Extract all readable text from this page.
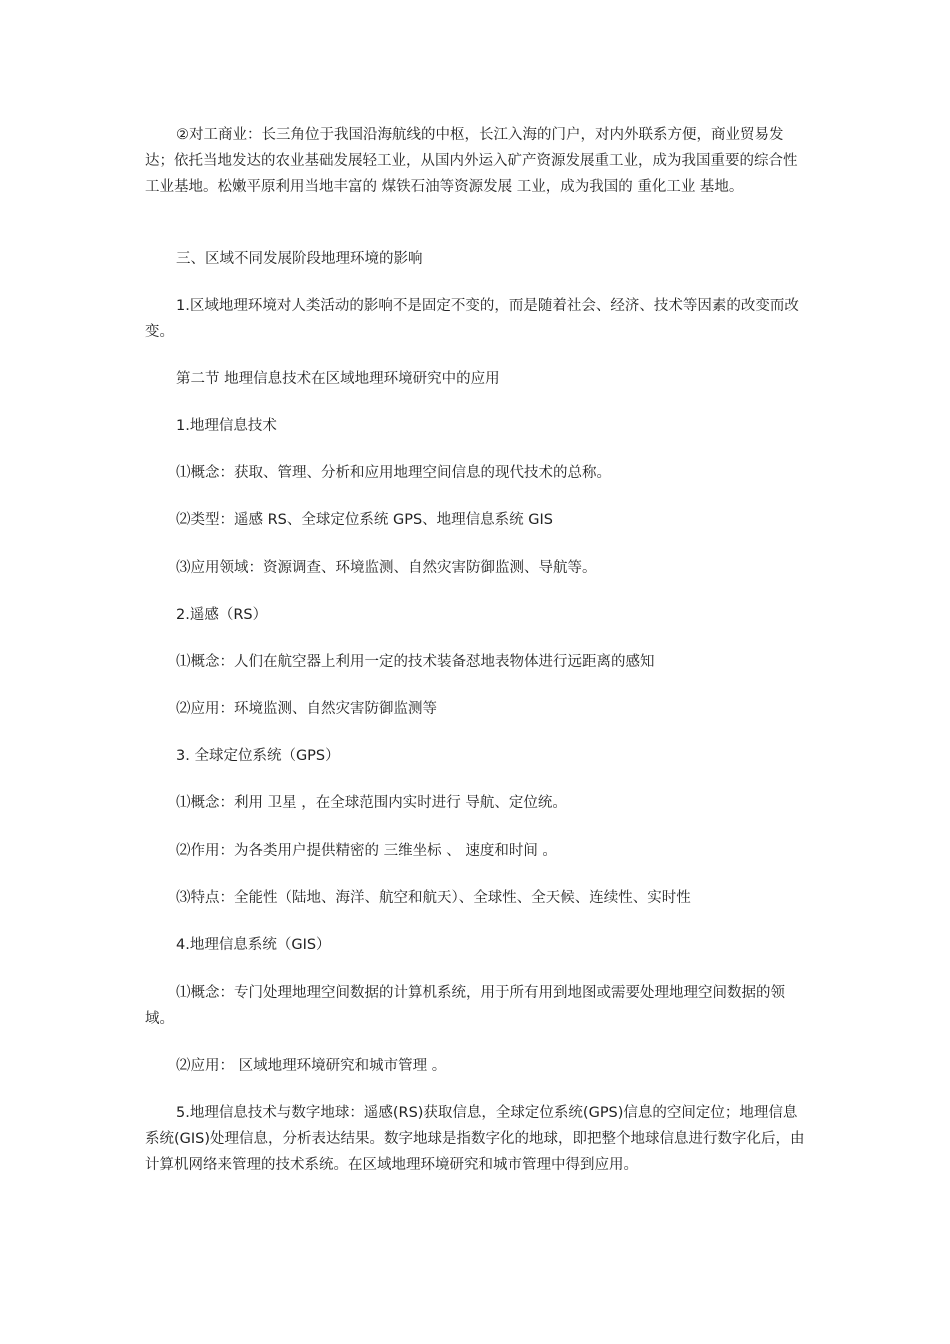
②对工商业：长三角位于我国沿海航线的中枢，长江入海的门户，对内外联系方便，商业贸易发达；依托当地发达的农业基础发展轻工业，从国内外运入矿产资源发展重工业，成为我国重要的综合性工业基地。松嫩平原利用当地丰富的 煤铁石油等资源发展 工业，成为我国的 重化工业 基地。

三、区域不同发展阶段地理环境的影响

1.区域地理环境对人类活动的影响不是固定不变的，而是随着社会、经济、技术等因素的改变而改变。

第二节 地理信息技术在区域地理环境研究中的应用

1.地理信息技术

⑴概念：获取、管理、分析和应用地理空间信息的现代技术的总称。

⑵类型：遥感 RS、全球定位系统 GPS、地理信息系统 GIS

⑶应用领域：资源调查、环境监测、自然灾害防御监测、导航等。

2.遥感（RS）

⑴概念：人们在航空器上利用一定的技术装备怼地表物体进行远距离的感知

⑵应用：环境监测、自然灾害防御监测等

3. 全球定位系统（GPS）

⑴概念：利用 卫星 ，在全球范围内实时进行 导航、定位统。

⑵作用：为各类用户提供精密的 三维坐标 、 速度和时间 。

⑶特点：全能性（陆地、海洋、航空和航天）、全球性、全天候、连续性、实时性

4.地理信息系统（GIS）

⑴概念：专门处理地理空间数据的计算机系统，用于所有用到地图或需要处理地理空间数据的领域。

⑵应用： 区域地理环境研究和城市管理 。

5.地理信息技术与数字地球：遥感(RS)获取信息，全球定位系统(GPS)信息的空间定位；地理信息系统(GIS)处理信息，分析表达结果。数字地球是指数字化的地球，即把整个地球信息进行数字化后，由计算机网络来管理的技术系统。在区域地理环境研究和城市管理中得到应用。
